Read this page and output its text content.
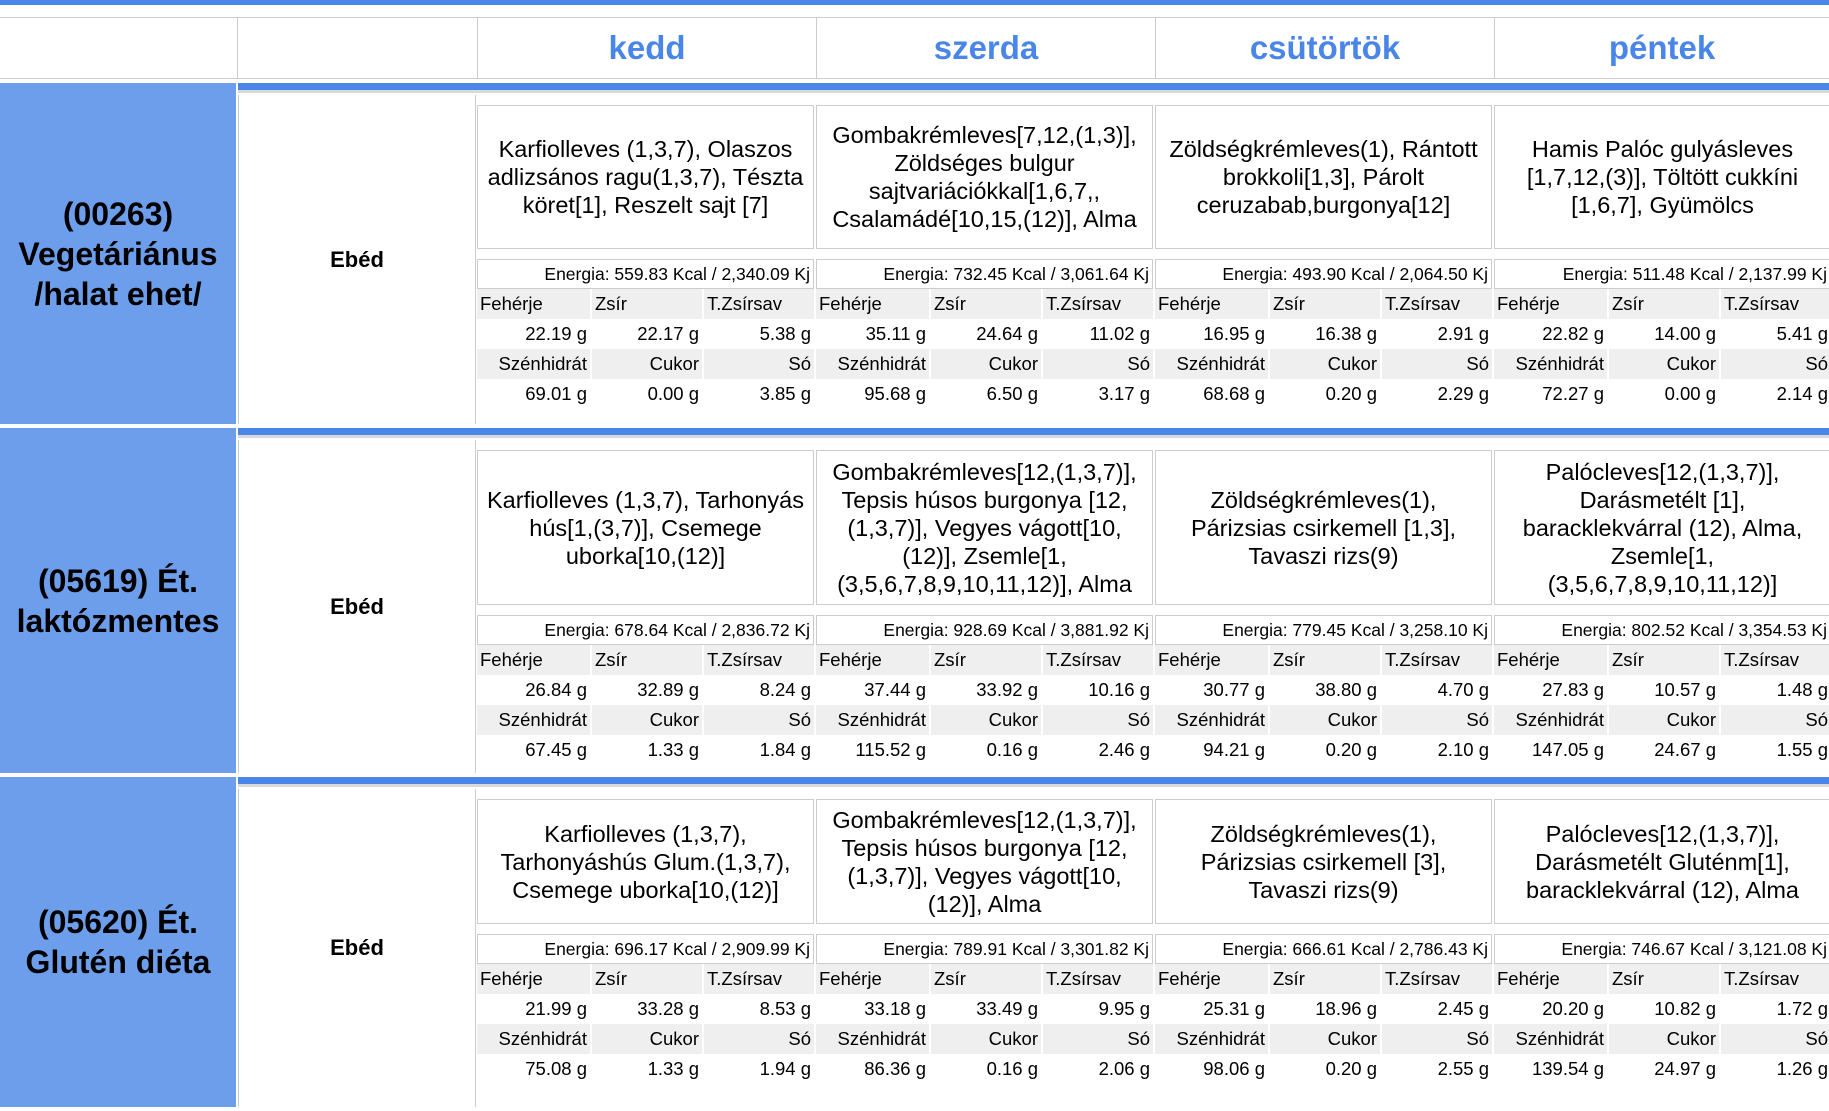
kedd	szerda	csütörtök	péntek
(00263) Vegetáriánus /halat ehet/
Ebéd
Karfiolleves (1,3,7), Olaszos adlizsános ragu(1,3,7), Tészta köret[1], Reszelt sajt [7]
Energia: 559.83 Kcal / 2,340.09 Kj
Fehérje	Zsír	T.Zsírsav
22.19 g	22.17 g	5.38 g
Szénhidrát	Cukor	Só
69.01 g	0.00 g	3.85 g
Gombakrémleves[7,12,(1,3)], Zöldséges bulgur sajtvariációkkal[1,6,7,, Csalamádé[10,15,(12)], Alma
Energia: 732.45 Kcal / 3,061.64 Kj
Fehérje	Zsír	T.Zsírsav
35.11 g	24.64 g	11.02 g
Szénhidrát	Cukor	Só
95.68 g	6.50 g	3.17 g
Zöldségkrémleves(1), Rántott brokkoli[1,3], Párolt ceruzabab,burgonya[12]
Energia: 493.90 Kcal / 2,064.50 Kj
Fehérje	Zsír	T.Zsírsav
16.95 g	16.38 g	2.91 g
Szénhidrát	Cukor	Só
68.68 g	0.20 g	2.29 g
Hamis Palóc gulyásleves [1,7,12,(3)], Töltött cukkíni [1,6,7], Gyümölcs
Energia: 511.48 Kcal / 2,137.99 Kj
Fehérje	Zsír	T.Zsírsav
22.82 g	14.00 g	5.41 g
Szénhidrát	Cukor	Só
72.27 g	0.00 g	2.14 g
(05619) Ét. laktózmentes	Ebéd
Karfiolleves (1,3,7), Tarhonyás hús[1,(3,7)], Csemege uborka[10,(12)]
Energia: 678.64 Kcal / 2,836.72 Kj
Fehérje	Zsír	T.Zsírsav
26.84 g	32.89 g	8.24 g
Szénhidrát	Cukor	Só
67.45 g	1.33 g	1.84 g
Gombakrémleves[12,(1,3,7)], Tepsis húsos burgonya [12,(1,3,7)], Vegyes vágott[10,(12)], Zsemle[1,(3,5,6,7,8,9,10,11,12)], Alma
Energia: 928.69 Kcal / 3,881.92 Kj
Fehérje	Zsír	T.Zsírsav
37.44 g	33.92 g	10.16 g
Szénhidrát	Cukor	Só
115.52 g	0.16 g	2.46 g
Zöldségkrémleves(1), Párizsias csirkemell [1,3], Tavaszi rizs(9)
Energia: 779.45 Kcal / 3,258.10 Kj
Fehérje	Zsír	T.Zsírsav
30.77 g	38.80 g	4.70 g
Szénhidrát	Cukor	Só
94.21 g	0.20 g	2.10 g
Palócleves[12,(1,3,7)], Darásmetélt [1], baracklekvárral (12), Alma, Zsemle[1,(3,5,6,7,8,9,10,11,12)]
Energia: 802.52 Kcal / 3,354.53 Kj
Fehérje	Zsír	T.Zsírsav
27.83 g	10.57 g	1.48 g
Szénhidrát	Cukor	Só
147.05 g	24.67 g	1.55 g
(05620) Ét. Glutén diéta	Ebéd
Karfiolleves (1,3,7), Tarhonyáshús Glum.(1,3,7), Csemege uborka[10,(12)]
Energia: 696.17 Kcal / 2,909.99 Kj
Fehérje	Zsír	T.Zsírsav
21.99 g	33.28 g	8.53 g
Szénhidrát	Cukor	Só
75.08 g	1.33 g	1.94 g
Gombakrémleves[12,(1,3,7)], Tepsis húsos burgonya [12,(1,3,7)], Vegyes vágott[10,(12)], Alma
Energia: 789.91 Kcal / 3,301.82 Kj
Fehérje	Zsír	T.Zsírsav
33.18 g	33.49 g	9.95 g
Szénhidrát	Cukor	Só
86.36 g	0.16 g	2.06 g
Zöldségkrémleves(1), Párizsias csirkemell [3], Tavaszi rizs(9)
Energia: 666.61 Kcal / 2,786.43 Kj
Fehérje	Zsír	T.Zsírsav
25.31 g	18.96 g	2.45 g
Szénhidrát	Cukor	Só
98.06 g	0.20 g	2.55 g
Palócleves[12,(1,3,7)], Darásmetélt Gluténm[1], baracklekvárral (12), Alma
Energia: 746.67 Kcal / 3,121.08 Kj
Fehérje	Zsír	T.Zsírsav
20.20 g	10.82 g	1.72 g
Szénhidrát	Cukor	Só
139.54 g	24.97 g	1.26 g
